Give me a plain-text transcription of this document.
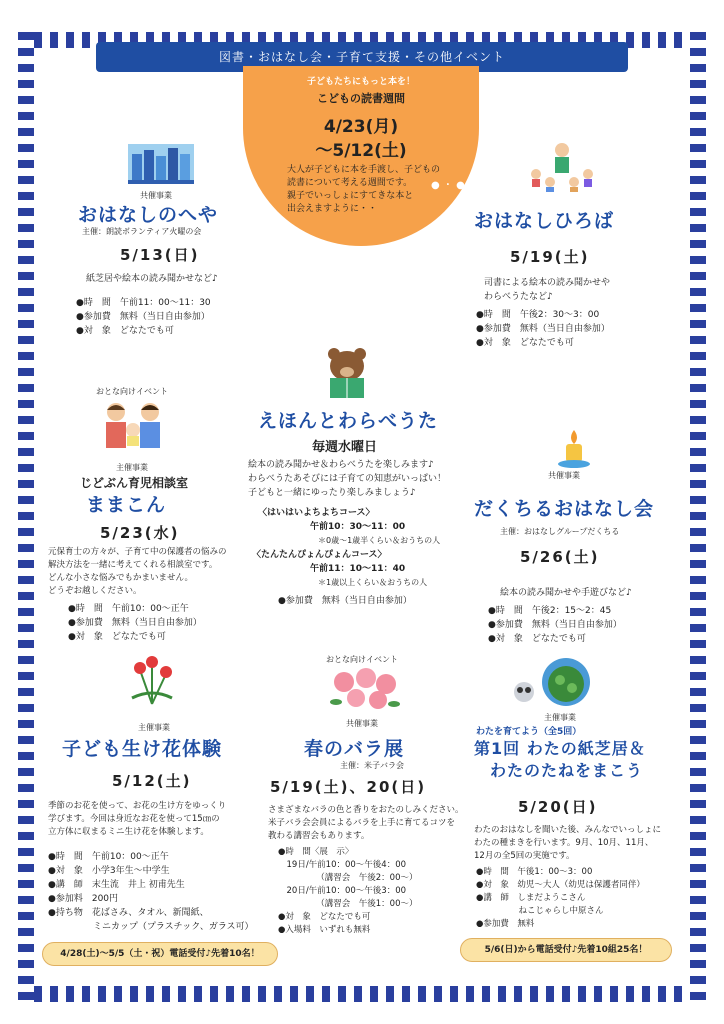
図書・おはなし会・子育て支援・その他イベント
子どもたちにもっと本を！
こどもの読書週間
4/23(月)
～5/12(土)
大人が子どもに本を手渡し、子どもの
読書について考える週間です。
親子でいっしょにすてきな本と
出会えますように・・
● ・ ●
共催事業
おはなしのへや
主催：朗読ボランティア火曜の会
5/13(日)
紙芝居や絵本の読み聞かせなど♪
●時　間　午前11：00～11：30
●参加費　無料（当日自由参加）
●対　象　どなたでも可
おはなしひろば
5/19(土)
司書による絵本の読み聞かせや
わらべうたなど♪
●時　間　午後2：30～3：00
●参加費　無料（当日自由参加）
●対　象　どなたでも可
えほんとわらべうた
毎週水曜日
絵本の読み聞かせ＆わらべうたを楽しみます♪
わらべうたあそびには子育ての知恵がいっぱい！
子どもと一緒にゆったり楽しみましょう♪
〈はいはいよちよちコース〉
午前10：30～11：00
＊0歳～1歳半くらい＆おうちの人
〈たんたんぴょんぴょんコース〉
午前11：10～11：40
＊1歳以上くらい＆おうちの人
●参加費　無料（当日自由参加）
おとな向けイベント
主催事業
じどぶん育児相談室
ままこん
5/23(水)
元保育士の方々が、子育て中の保護者の悩みの
解決方法を一緒に考えてくれる相談室です。
どんな小さな悩みでもかまいません。
どうぞお越しください。
●時　間　午前10：00～正午
●参加費　無料（当日自由参加）
●対　象　どなたでも可
共催事業
だくちるおはなし会
主催：おはなしグループだくちる
5/26(土)
絵本の読み聞かせや手遊びなど♪
●時　間　午後2：15～2：45
●参加費　無料（当日自由参加）
●対　象　どなたでも可
主催事業
子ども生け花体験
5/12(土)
季節のお花を使って、お花の生け方をゆっくり
学びます。今回は身近なお花を使って15㎝の
立方体に収まるミニ生け花を体験します。
●時　間　午前10：00～正午
●対　象　小学3年生～中学生
●講　師　末生流　井上 初甫先生
●参加料　200円
●持ち物　花ばさみ、タオル、新聞紙、
　　　　　ミニカップ（プラスチック、ガラス可）
4/28(土)～5/5（土・祝）電話受付♪先着10名！
おとな向けイベント
共催事業
春のバラ展
主催：米子バラ会
5/19(土)、20(日)
さまざまなバラの色と香りをおたのしみください。
米子バラ会会員によるバラを上手に育てるコツを
教わる講習会もあります。
●時　間〈展　示〉
　19日/午前10：00～午後4：00
　　　　　（講習会　午後2：00～）
　20日/午前10：00～午後3：00
　　　　　（講習会　午後1：00～）
●対　象　どなたでも可
●入場料　いずれも無料
主催事業
わたを育てよう（全5回）
第1回 わたの紙芝居＆
わたのたねをまこう
5/20(日)
わたのおはなしを聞いた後、みんなでいっしょに
わたの種まきを行います。9月、10月、11月、
12月の全5回の実施です。
●時　間　午後1：00～3：00
●対　象　幼児～大人（幼児は保護者同伴）
●講　師　しまだようこさん
　　　　　ねこじゃらし中原さん
●参加費　無料
5/6(日)から電話受付♪先着10組25名！
